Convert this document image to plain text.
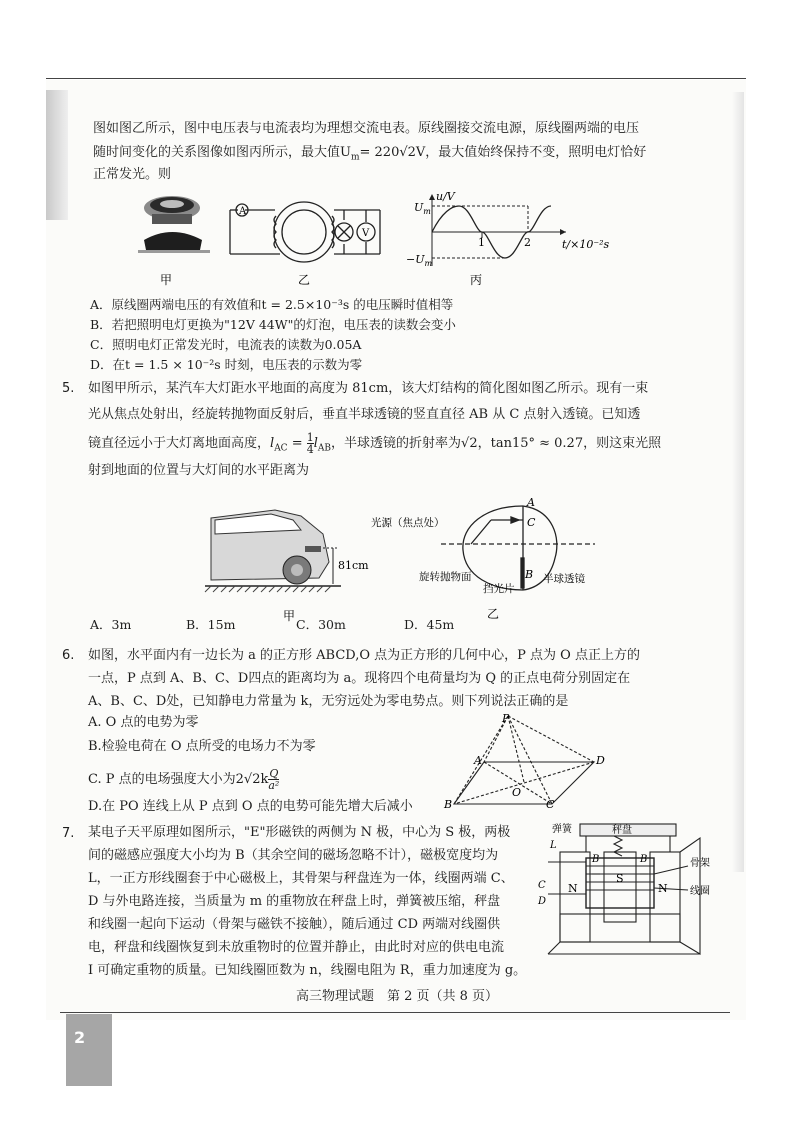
图如图乙所示，图中电压表与电流表均为理想交流电表。原线圈接交流电源，原线圈两端的电压
随时间变化的关系图像如图丙所示，最大值$U_m= 220√2V$，最大值始终保持不变，照明电灯恰好
正常发光。则
甲
A
V
乙
u/V
$U_m$
$-U_m$
1	2	t/×10⁻²s
丙
A．原线圈两端电压的有效值和t = 2.5×10⁻³s 的电压瞬时值相等
B．若把照明电灯更换为"12V 44W"的灯泡，电压表的读数会变小
C．照明电灯正常发光时，电流表的读数为0.05A
D．在t = 1.5 × 10⁻²s 时刻，电压表的示数为零
5. 如图甲所示，某汽车大灯距水平地面的高度为 81cm，该大灯结构的简化图如图乙所示。现有一束
光从焦点处射出，经旋转抛物面反射后，垂直半球透镜的竖直直径 AB 从 C 点射入透镜。已知透
镜直径远小于大灯离地面高度，$l_{AC} = \frac{1}{4} l_{AB}$，半球透镜的折射率为√2，tan15° ≈ 0.27，则这束光照
射到地面的位置与大灯间的水平距离为
81cm
甲
光源（焦点处）
旋转抛物面
挡光片
半球透镜
A
C
B
乙
A．3m	B．15m	C．30m	D．45m
6. 如图，水平面内有一边长为 a 的正方形 ABCD,O 点为正方形的几何中心，P 点为 O 点正上方的
一点，P 点到 A、B、C、D四点的距离均为 a。现将四个电荷量均为 Q 的正点电荷分别固定在
A、B、C、D处，已知静电力常量为 k，无穷远处为零电势点。则下列说法正确的是
A. O 点的电势为零
B.检验电荷在 O 点所受的电场力不为零
C. P 点的电场强度大小为$2√2k \frac{Q}{\text{a²}}$
D.在 PO 连线上从 P 点到 O 点的电势可能先增大后减小
P
A	D
B	C
O
7. 某电子天平原理如图所示，"E"形磁铁的两侧为 N 极，中心为 S 极，两极
间的磁感应强度大小均为 B（其余空间的磁场忽略不计），磁极宽度均为
L，一正方形线圈套于中心磁极上，其骨架与秤盘连为一体，线圈两端 C、
D 与外电路连接，当质量为 m 的重物放在秤盘上时，弹簧被压缩，秤盘
和线圈一起向下运动（骨架与磁铁不接触），随后通过 CD 两端对线圈供
电，秤盘和线圈恢复到未放重物时的位置并静止，由此时对应的供电电流
I 可确定重物的质量。已知线圈匝数为 n，线圈电阻为 R，重力加速度为 g。
弹簧	秤盘
骨架
线圈
N	N
S
B	B
L
C
D
高三物理试题　第 2 页（共 8 页）
2
